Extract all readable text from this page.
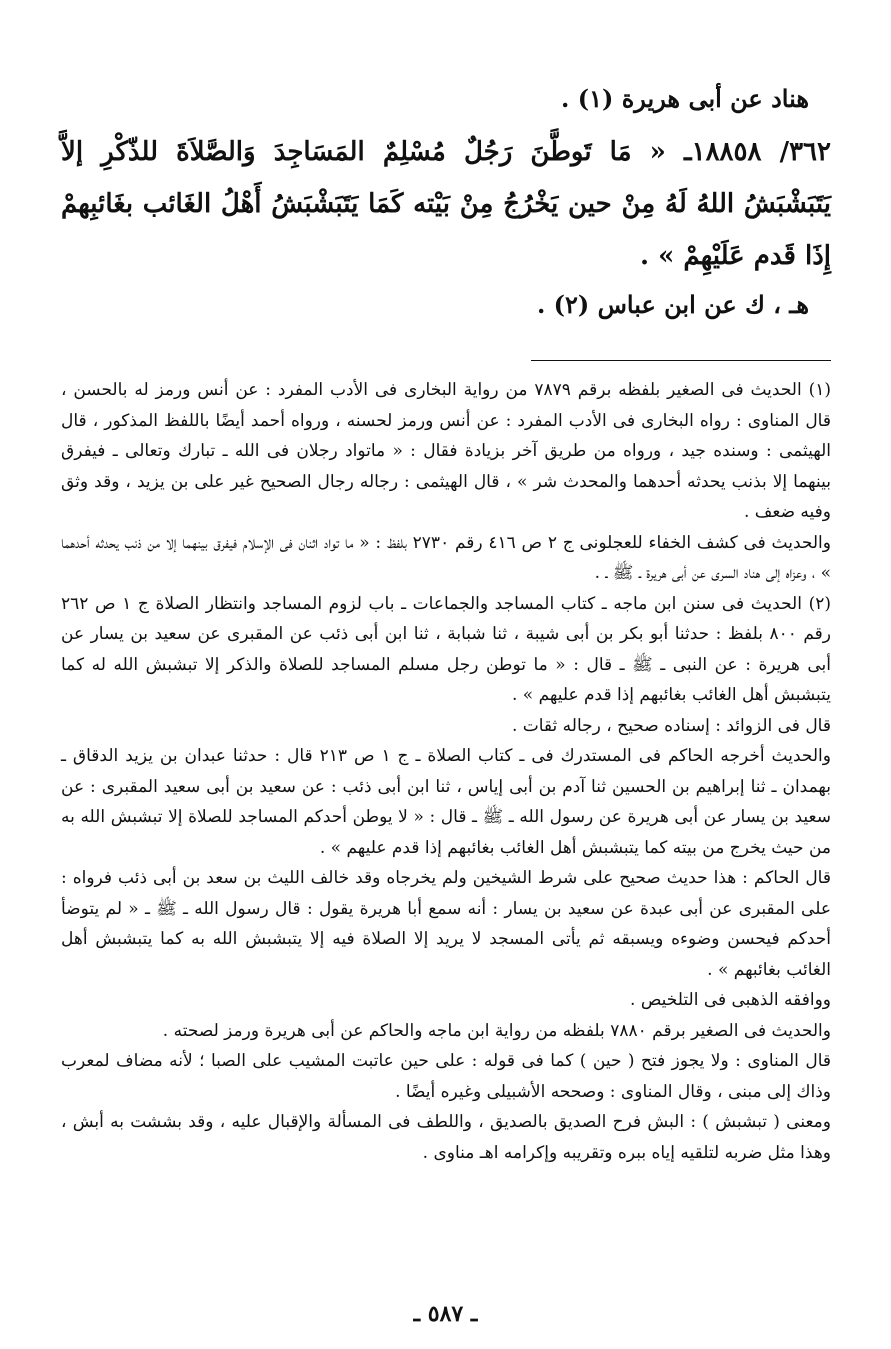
هناد عن أبى هريرة (١) .

٣٦٢/ ١٨٨٥٨ـ « مَا تَوطَّنَ رَجُلٌ مُسْلِمٌ المَسَاجِدَ وَالصَّلاَةَ للذّكْرِ إلاَّ يَتَبَشْبَشُ اللهُ لَهُ مِنْ حين يَخْرُجُ مِنْ بَيْته كَمَا يَتَبَشْبَشُ أَهْلُ الغَائب بغَائبِهمْ إِذَا قَدم عَلَيْهِمْ » .

هـ ، ك عن ابن عباس (٢) .

(١) الحديث فى الصغير بلفظه برقم ٧٨٧٩ من رواية البخارى فى الأدب المفرد : عن أنس ورمز له بالحسن ، قال المناوى : رواه البخارى فى الأدب المفرد : عن أنس ورمز لحسنه ، ورواه أحمد أيضًا باللفظ المذكور ، قال الهيثمى : وسنده جيد ، ورواه من طريق آخر بزيادة فقال : « ماتواد رجلان فى الله ـ تبارك وتعالى ـ فيفرق بينهما إلا بذنب يحدثه أحدهما والمحدث شر » ، قال الهيثمى : رجاله رجال الصحيح غير على بن يزيد ، وقد وثق وفيه ضعف .

والحديث فى كشف الخفاء للعجلونى ج ٢ ص ٤١٦ رقم ٢٧٣٠ بلفظ : « ما تواد اثنان فى الإسلام فيفرق بينهما إلا من ذنب يحدثه أحدهما » ، وعزاه إلى هناد السرى عن أبى هريرة ـ ﷺ ـ .

(٢) الحديث فى سنن ابن ماجه ـ كتاب المساجد والجماعات ـ باب لزوم المساجد وانتظار الصلاة ج ١ ص ٢٦٢ رقم ٨٠٠ بلفظ : حدثنا أبو بكر بن أبى شيبة ، ثنا شبابة ، ثنا ابن أبى ذئب عن المقبرى عن سعيد بن يسار عن أبى هريرة : عن النبى ـ ﷺ ـ قال : « ما توطن رجل مسلم المساجد للصلاة والذكر إلا تبشبش الله له كما يتبشبش أهل الغائب بغائبهم إذا قدم عليهم » .

قال فى الزوائد : إسناده صحيح ، رجاله ثقات .

والحديث أخرجه الحاكم فى المستدرك فى ـ كتاب الصلاة ـ ج ١ ص ٢١٣ قال : حدثنا عبدان بن يزيد الدقاق ـ بهمدان ـ ثنا إبراهيم بن الحسين ثنا آدم بن أبى إياس ، ثنا ابن أبى ذئب : عن سعيد بن أبى سعيد المقبرى : عن سعيد بن يسار عن أبى هريرة عن رسول الله ـ ﷺ ـ قال : « لا يوطن أحدكم المساجد للصلاة إلا تبشبش الله به من حيث يخرج من بيته كما يتبشبش أهل الغائب بغائبهم إذا قدم عليهم » .

قال الحاكم : هذا حديث صحيح على شرط الشيخين ولم يخرجاه وقد خالف الليث بن سعد بن أبى ذئب فرواه : على المقبرى عن أبى عبدة عن سعيد بن يسار : أنه سمع أبا هريرة يقول : قال رسول الله ـ ﷺ ـ « لم يتوضأ أحدكم فيحسن وضوءه ويسبقه ثم يأتى المسجد لا يريد إلا الصلاة فيه إلا يتبشبش الله به كما يتبشبش أهل الغائب بغائبهم » .

ووافقه الذهبى فى التلخيص .

والحديث فى الصغير برقم ٧٨٨٠ بلفظه من رواية ابن ماجه والحاكم عن أبى هريرة ورمز لصحته .

قال المناوى : ولا يجوز فتح ( حين ) كما فى قوله : على حين عاتبت المشيب على الصبا ؛ لأنه مضاف لمعرب وذاك إلى مبنى ، وقال المناوى : وصححه الأشبيلى وغيره أيضًا .

ومعنى ( تبشبش ) : البش فرح الصديق بالصديق ، واللطف فى المسألة والإقبال عليه ، وقد بششت به أبش ، وهذا مثل ضربه لتلقيه إياه ببره وتقريبه وإكرامه اهـ مناوى .

ـ ٥٨٧ ـ
